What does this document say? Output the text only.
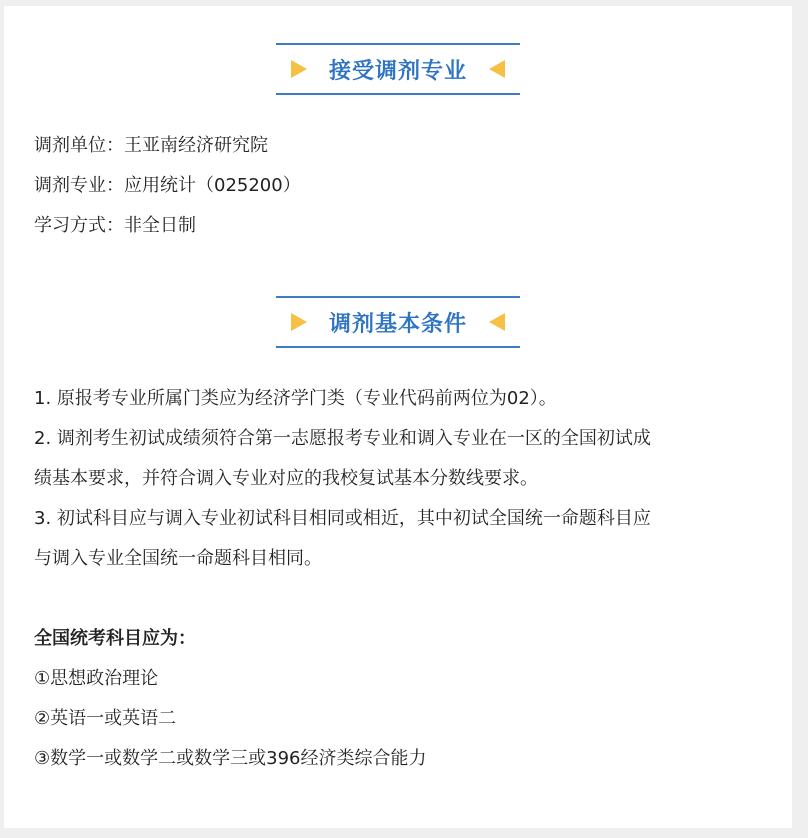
接受调剂专业
调剂单位：王亚南经济研究院
调剂专业：应用统计（025200）
学习方式：非全日制
调剂基本条件
1. 原报考专业所属门类应为经济学门类（专业代码前两位为02）。
2. 调剂考生初试成绩须符合第一志愿报考专业和调入专业在一区的全国初试成
绩基本要求，并符合调入专业对应的我校复试基本分数线要求。
3. 初试科目应与调入专业初试科目相同或相近，其中初试全国统一命题科目应
与调入专业全国统一命题科目相同。
全国统考科目应为：
①思想政治理论
②英语一或英语二
③数学一或数学二或数学三或396经济类综合能力
